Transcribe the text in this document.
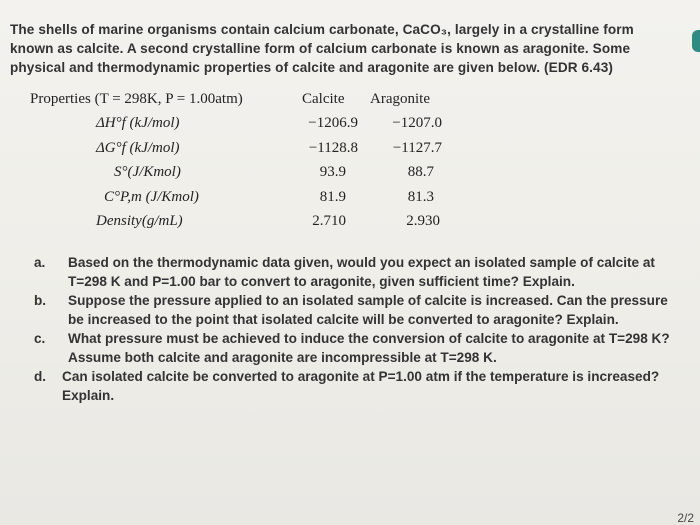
The shells of marine organisms contain calcium carbonate, CaCO₃, largely in a crystalline form

known as calcite. A second crystalline form of calcium carbonate is known as aragonite. Some

physical and thermodynamic properties of calcite and aragonite are given below. (EDR 6.43)

Properties (T = 298K, P = 1.00atm)	Calcite Aragonite
ΔH°f (kJ/mol)	−1206.9 −1207.0
ΔG°f (kJ/mol)	−1128.8 −1127.7
S°(J/Kmol)	93.9	88.7
C°P,m (J/Kmol)	81.9	81.3
Density(g/mL)	2.710	2.930

a. Based on the thermodynamic data given, would you expect an isolated sample of calcite at T=298 K and P=1.00 bar to convert to aragonite, given sufficient time? Explain.

b. Suppose the pressure applied to an isolated sample of calcite is increased. Can the pressure be increased to the point that isolated calcite will be converted to aragonite? Explain.

c. What pressure must be achieved to induce the conversion of calcite to aragonite at T=298 K? Assume both calcite and aragonite are incompressible at T=298 K.

d. Can isolated calcite be converted to aragonite at P=1.00 atm if the temperature is increased? Explain.

2/2
